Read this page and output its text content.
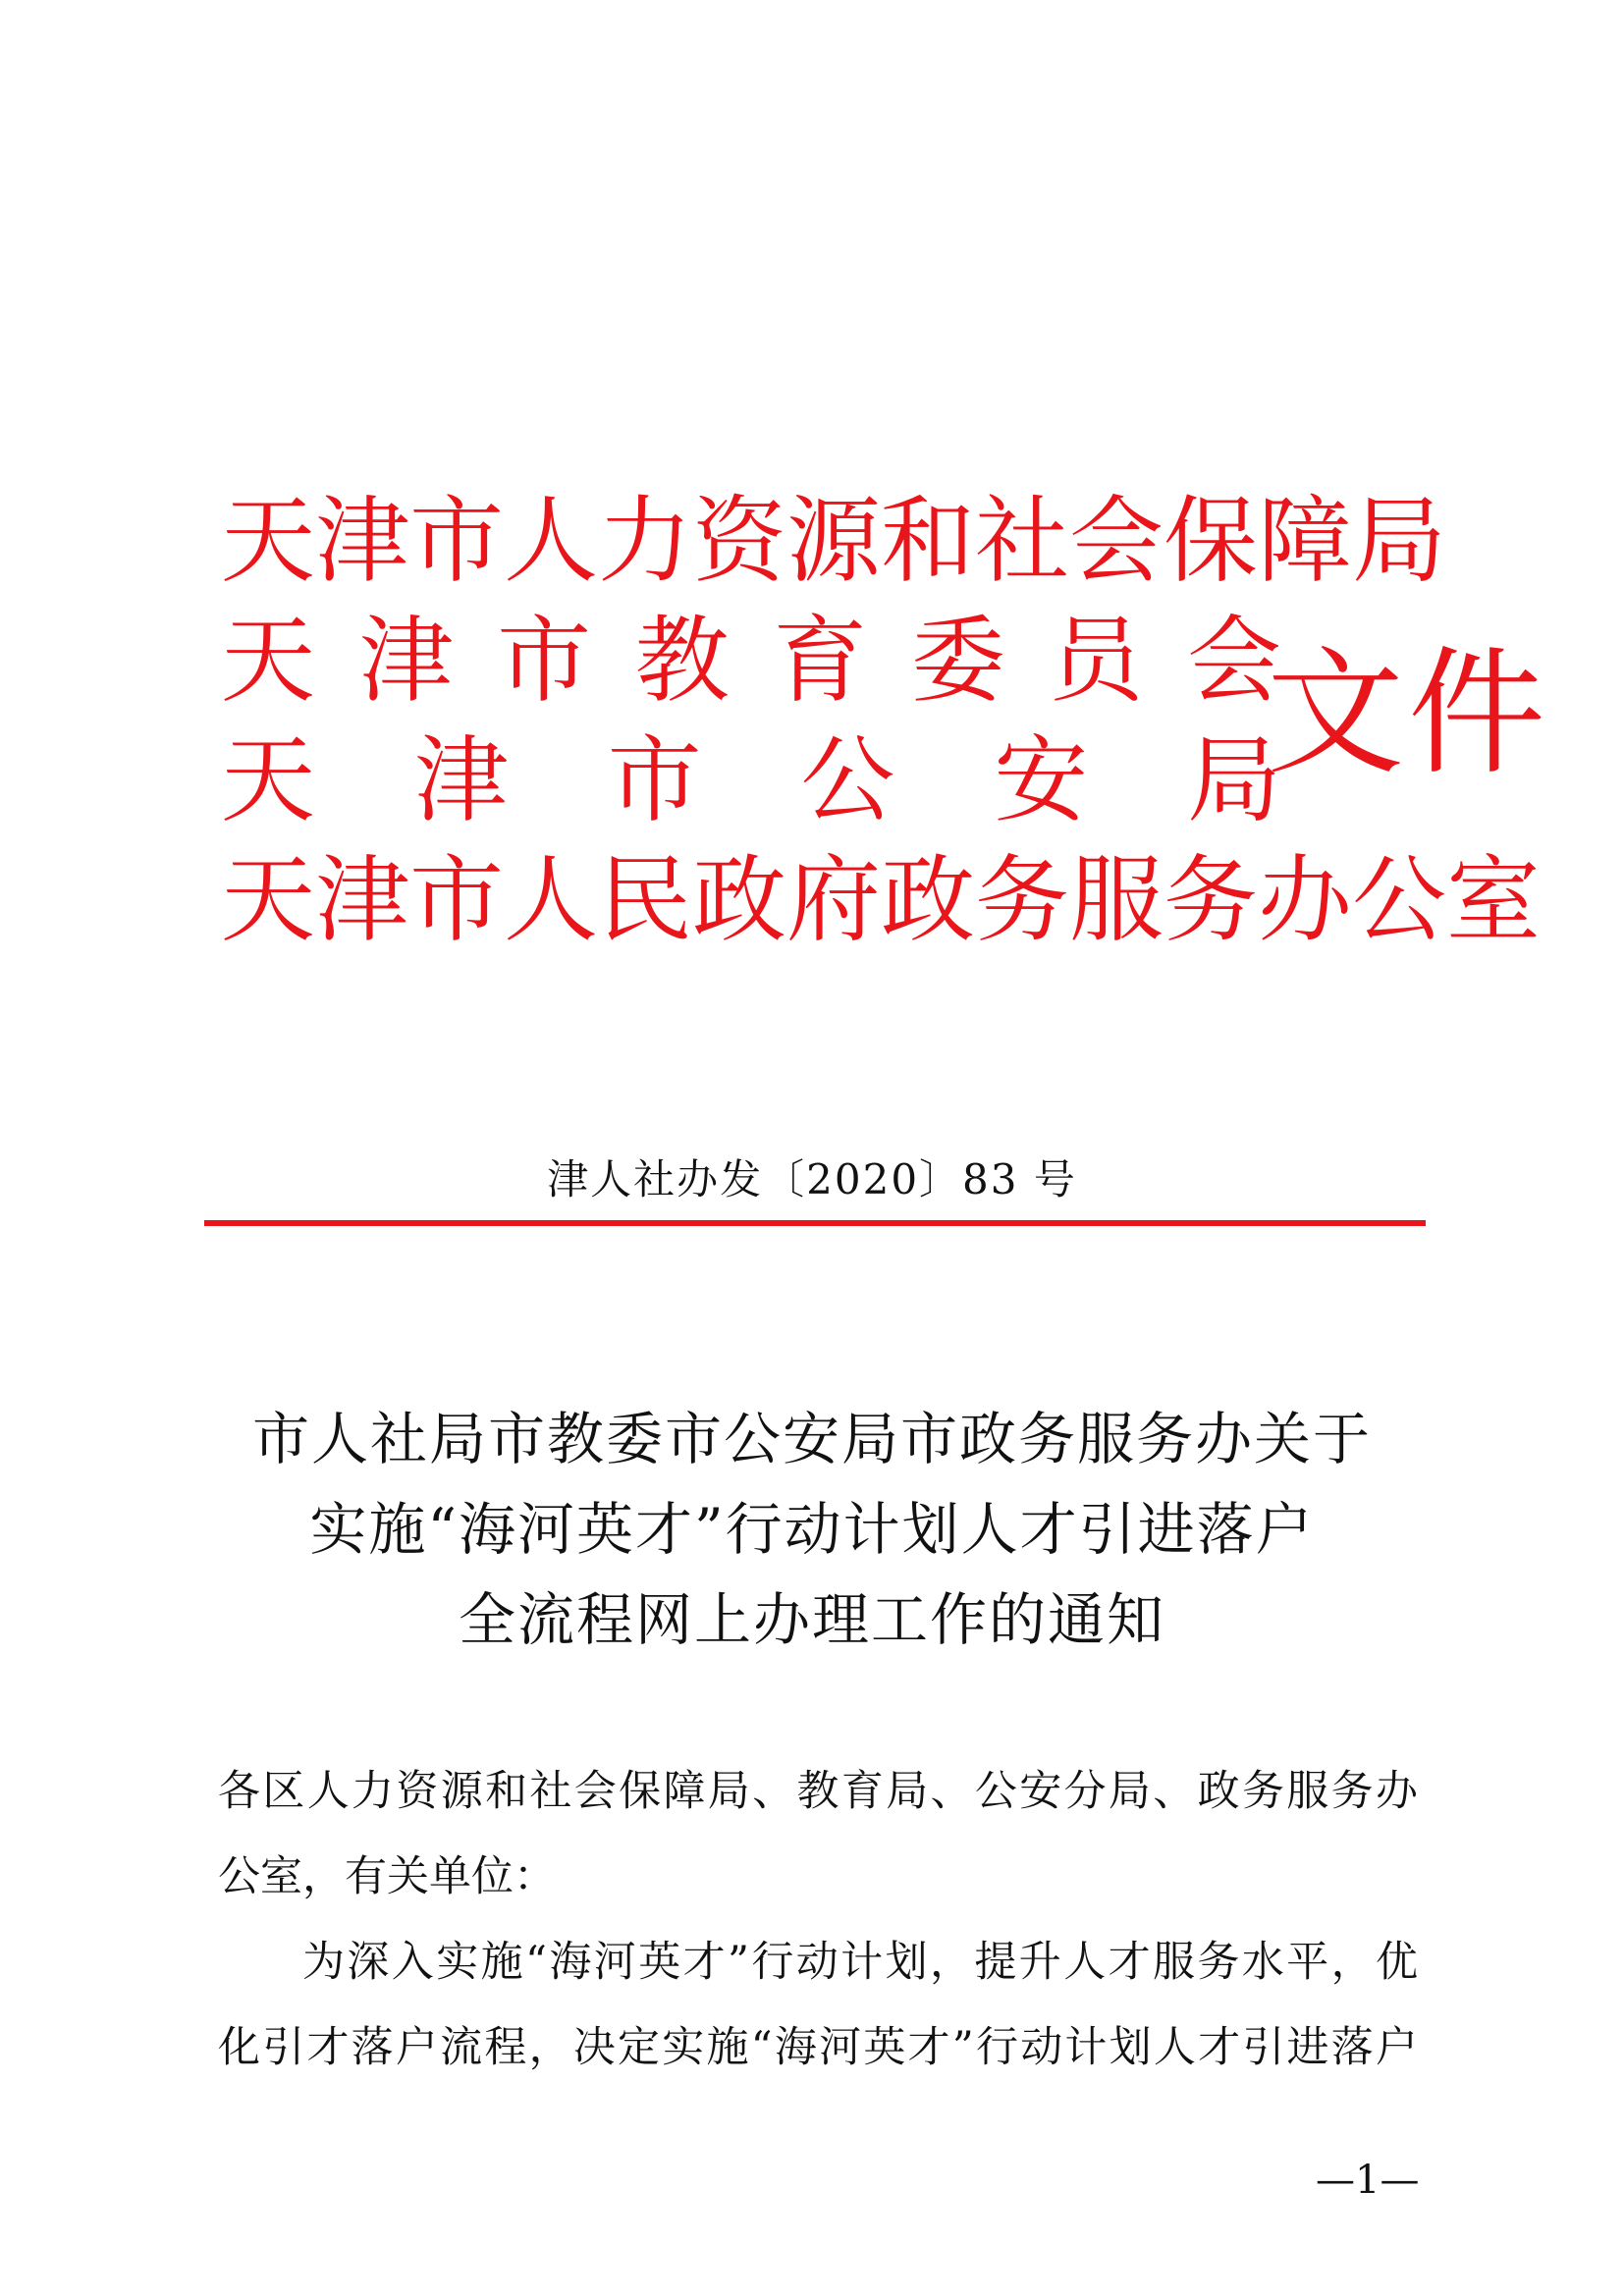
天 津 市 人 力 资 源 和 社 会 保 障 局
天 津 市 教 育 委 员 会
天 津 市 公 安 局
天 津 市 人 民 政 府 政 务 服 务 办 公 室
文件
津人社办发〔2020〕83 号
市人社局市教委市公安局市政务服务办关于
实施“海河英才”行动计划人才引进落户
全流程网上办理工作的通知

各区人力资源和社会保障局、教育局、公安分局、政务服务办

公室，有关单位：

为深入实施“海河英才”行动计划，提升人才服务水平，优

化引才落户流程，决定实施“海河英才”行动计划人才引进落户

—1—
